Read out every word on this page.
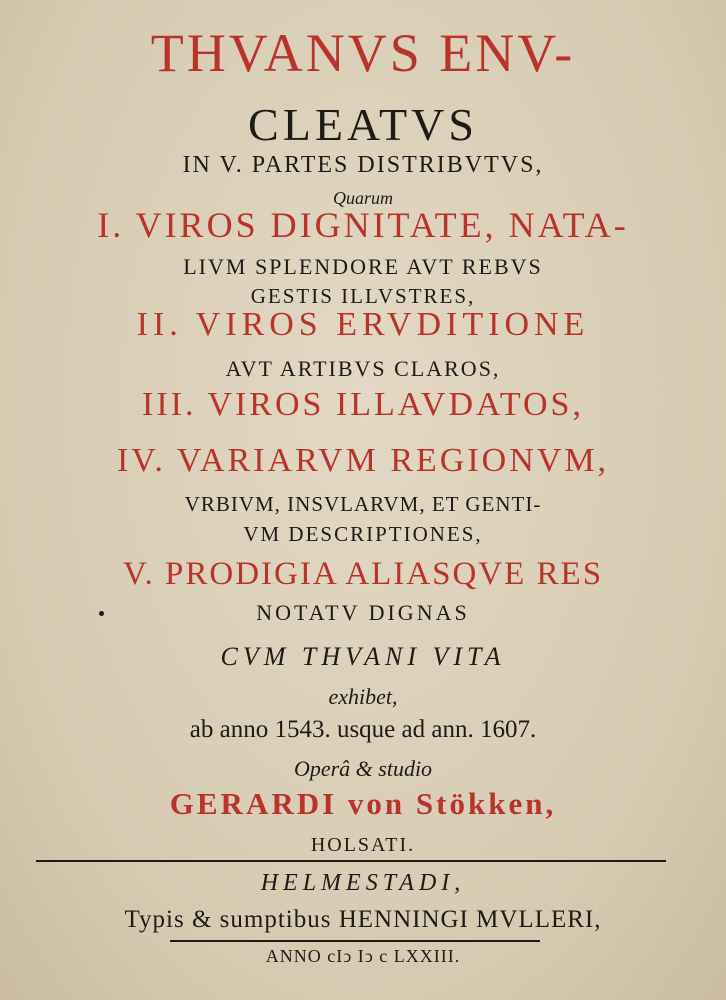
THVANVS ENV-
CLEATVS
IN V. PARTES DISTRIBVTVS,
Quarum
I. VIROS DIGNITATE, NATA-
LIVM SPLENDORE AVT REBVS
GESTIS ILLVSTRES,
II. VIROS ERVDITIONE
AVT ARTIBVS CLAROS,
III. VIROS ILLAVDATOS,
IV. VARIARVM REGIONVM,
VRBIVM, INSVLARVM, ET GENTI-
VM DESCRIPTIONES,
V. PRODIGIA ALIASQVE RES
NOTATV DIGNAS
CVM THVANI VITA
exhibet,
ab anno 1543. usque ad ann. 1607.
Operâ & studio
GERARDI von Stökken,
HOLSATI.
HELMESTADI,
Typis & sumptibus HENNINGI MVLLERI,
ANNO cIↄ Iↄ c LXXIII.
